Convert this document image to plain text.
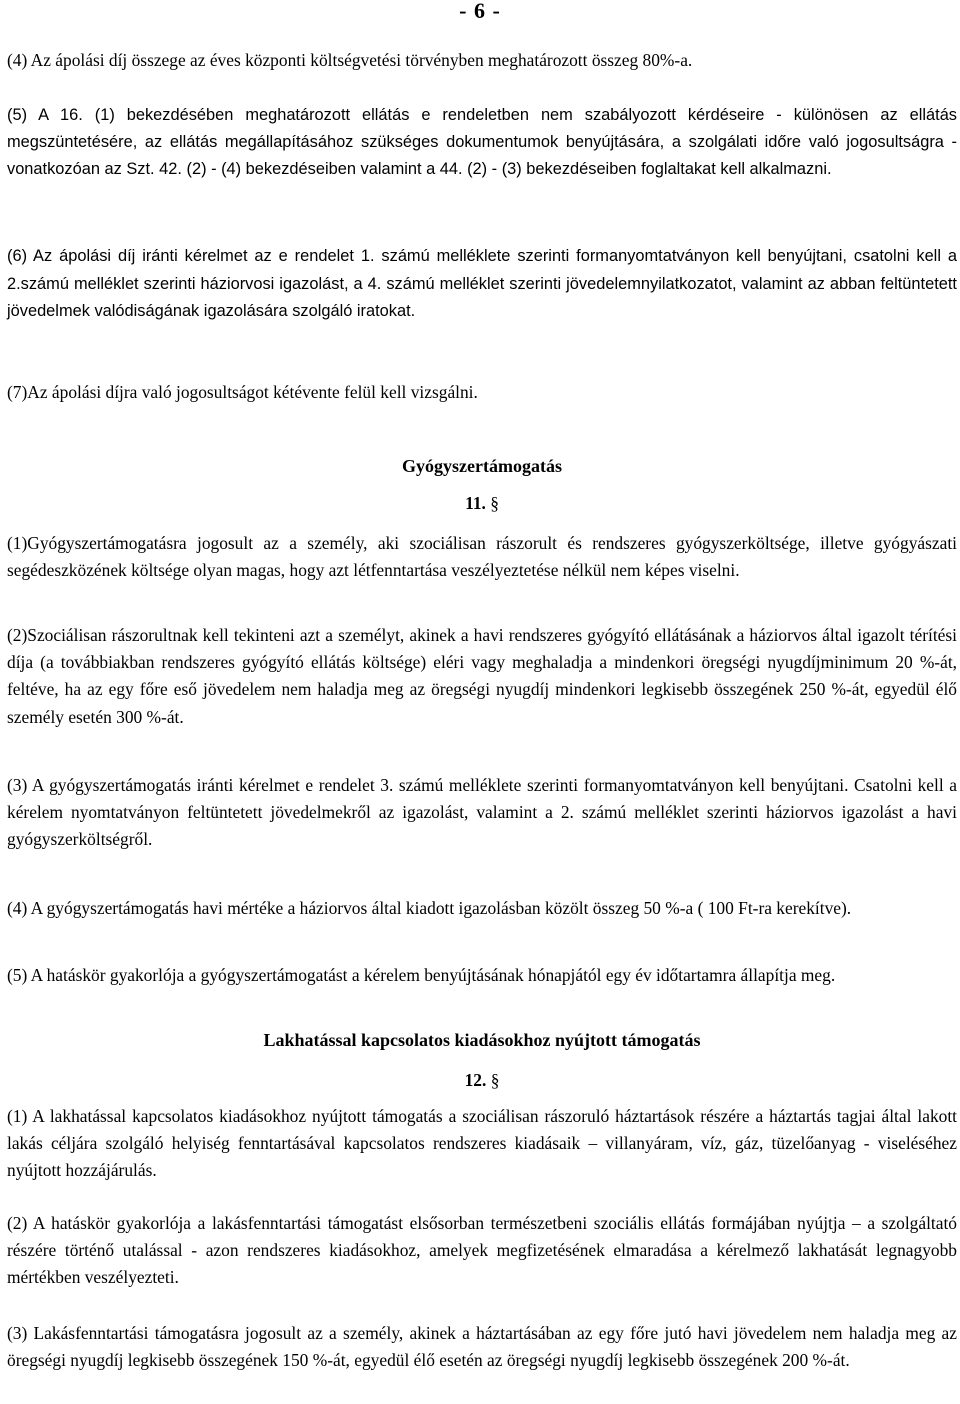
- 6 -

(4) Az ápolási díj összege az éves központi költségvetési törvényben meghatározott összeg 80%-a.

(5) A 16. (1) bekezdésében meghatározott ellátás e rendeletben nem szabályozott kérdéseire - különösen az ellátás megszüntetésére, az ellátás megállapításához szükséges dokumentumok benyújtására, a szolgálati időre való jogosultságra - vonatkozóan az Szt. 42. (2) - (4) bekezdéseiben valamint a 44. (2) - (3) bekezdéseiben foglaltakat kell alkalmazni.

(6) Az ápolási díj iránti kérelmet az e rendelet 1. számú melléklete szerinti formanyomtatványon kell benyújtani, csatolni kell a 2.számú melléklet szerinti háziorvosi igazolást, a 4. számú melléklet szerinti jövedelemnyilatkozatot, valamint az abban feltüntetett jövedelmek valódiságának igazolására szolgáló iratokat.

(7)Az ápolási díjra való jogosultságot kétévente felül kell vizsgálni.

Gyógyszertámogatás

11. §

(1)Gyógyszertámogatásra jogosult az a személy, aki szociálisan rászorult és rendszeres gyógyszerköltsége, illetve gyógyászati segédeszközének költsége olyan magas, hogy azt létfenntartása veszélyeztetése nélkül nem képes viselni.

(2)Szociálisan rászorultnak kell tekinteni azt a személyt, akinek a havi rendszeres gyógyító ellátásának a háziorvos által igazolt térítési díja (a továbbiakban rendszeres gyógyító ellátás költsége) eléri vagy meghaladja a mindenkori öregségi nyugdíjminimum 20 %-át, feltéve, ha az egy főre eső jövedelem nem haladja meg az öregségi nyugdíj mindenkori legkisebb összegének 250 %-át, egyedül élő személy esetén 300 %-át.

(3) A gyógyszertámogatás iránti kérelmet e rendelet 3. számú melléklete szerinti formanyomtatványon kell benyújtani. Csatolni kell a kérelem nyomtatványon feltüntetett jövedelmekről az igazolást, valamint a 2. számú melléklet szerinti háziorvos igazolást a havi gyógyszerköltségről.

(4) A gyógyszertámogatás havi mértéke a háziorvos által kiadott igazolásban közölt összeg 50 %-a ( 100 Ft-ra kerekítve).

(5) A hatáskör gyakorlója a gyógyszertámogatást a kérelem benyújtásának hónapjától egy év időtartamra állapítja meg.

Lakhatással kapcsolatos kiadásokhoz nyújtott támogatás

12. §

(1) A lakhatással kapcsolatos kiadásokhoz nyújtott támogatás a szociálisan rászoruló háztartások részére a háztartás tagjai által lakott lakás céljára szolgáló helyiség fenntartásával kapcsolatos rendszeres kiadásaik – villanyáram, víz, gáz, tüzelőanyag - viseléséhez nyújtott hozzájárulás.

(2) A hatáskör gyakorlója a lakásfenntartási támogatást elsősorban természetbeni szociális ellátás formájában nyújtja – a szolgáltató részére történő utalással - azon rendszeres kiadásokhoz, amelyek megfizetésének elmaradása a kérelmező lakhatását legnagyobb mértékben veszélyezteti.

(3) Lakásfenntartási támogatásra jogosult az a személy, akinek a háztartásában az egy főre jutó havi jövedelem nem haladja meg az öregségi nyugdíj legkisebb összegének 150 %-át, egyedül élő esetén az öregségi nyugdíj legkisebb összegének 200 %-át.
